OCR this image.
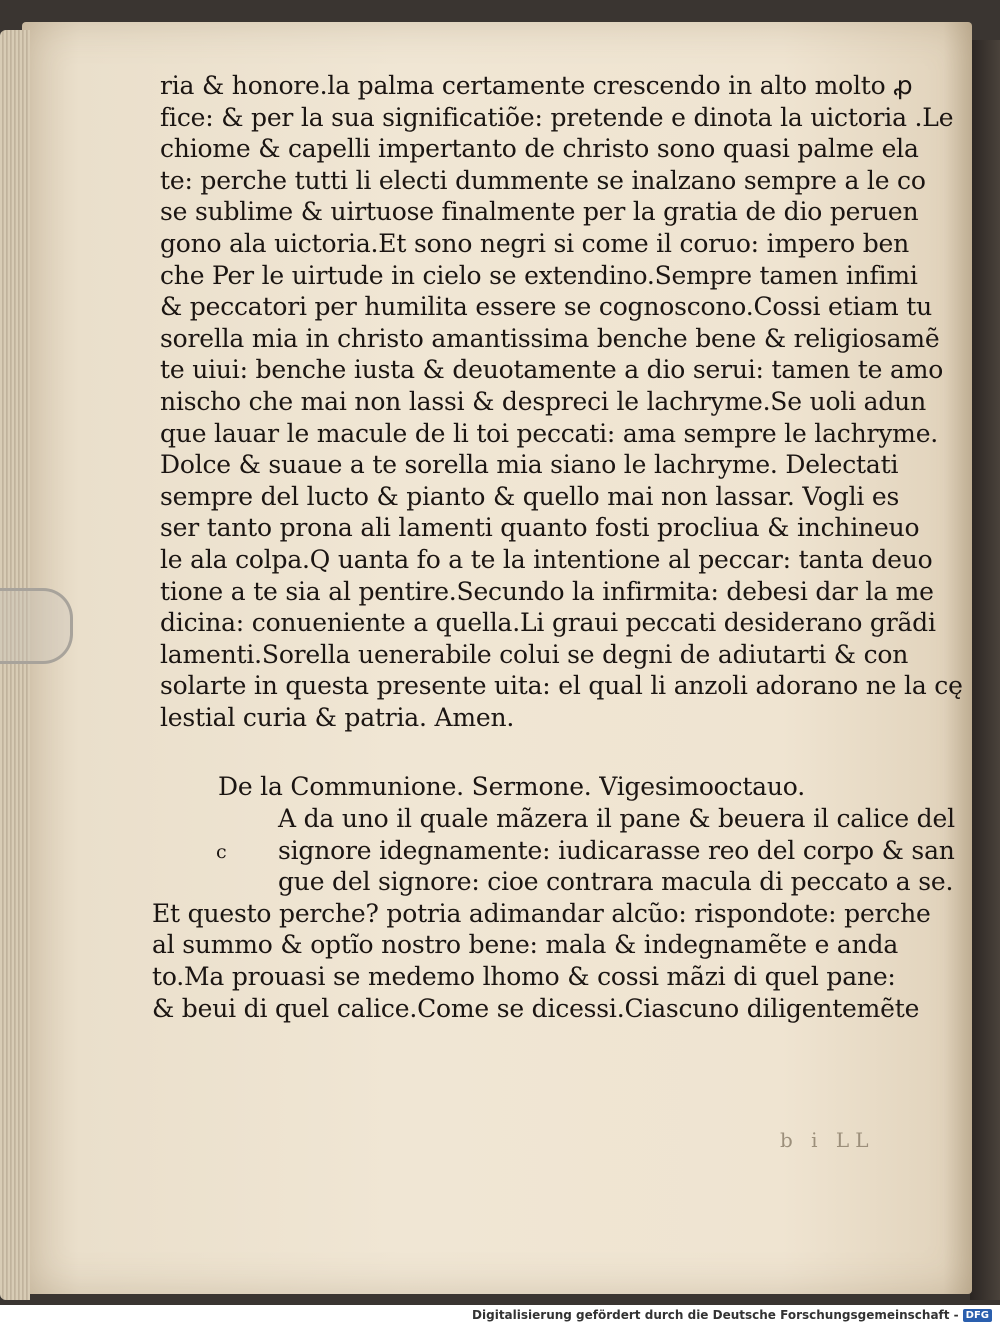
ria & honore.la palma certamente crescendo in alto molto ꝓ
fice: & per la sua significatiõe: pretende e dinota la uictoria .Le
chiome & capelli impertanto de christo sono quasi palme ela
te: perche tutti li electi dummente se inalzano sempre a le co
se sublime & uirtuose finalmente per la gratia de dio peruen
gono ala uictoria.Et sono negri si come il coruo: impero ben
che Per le uirtude in cielo se extendino.Sempre tamen infimi
& peccatori per humilita essere se cognoscono.Cossi etiam tu
sorella mia in christo amantissima benche bene & religiosamẽ
te uiui: benche iusta & deuotamente a dio serui: tamen te amo
nischo che mai non lassi & despreci le lachryme.Se uoli adun
que lauar le macule de li toi peccati: ama sempre le lachryme.
Dolce & suaue a te sorella mia siano le lachryme. Delectati
sempre del lucto & pianto & quello mai non lassar. Vogli es
ser tanto prona ali lamenti quanto fosti procliua & inchineuo
le ala colpa.Q uanta fo a te la intentione al peccar: tanta deuo
tione a te sia al pentire.Secundo la infirmita: debesi dar la me
dicina: conueniente a quella.Li graui peccati desiderano grãdi
lamenti.Sorella uenerabile colui se degni de adiutarti & con
solarte in questa presente uita: el qual li anzoli adorano ne la cę
lestial curia & patria. Amen.
De la Communione. Sermone. Vigesimooctauo.
A da uno il quale mãzera il pane & beuera il calice del
c signore idegnamente: iudicarasse reo del corpo & san
gue del signore: cioe contrara macula di peccato a se.
Et questo perche? potria adimandar alcũo: rispondote: perche
al summo & optĩo nostro bene: mala & indegnamẽte e anda
to.Ma prouasi se medemo lhomo & cossi mãzi di quel pane:
& beui di quel calice.Come se dicessi.Ciascuno diligentemẽte
b i LL
Digitalisierung gefördert durch die Deutsche Forschungsgemeinschaft - DFG
